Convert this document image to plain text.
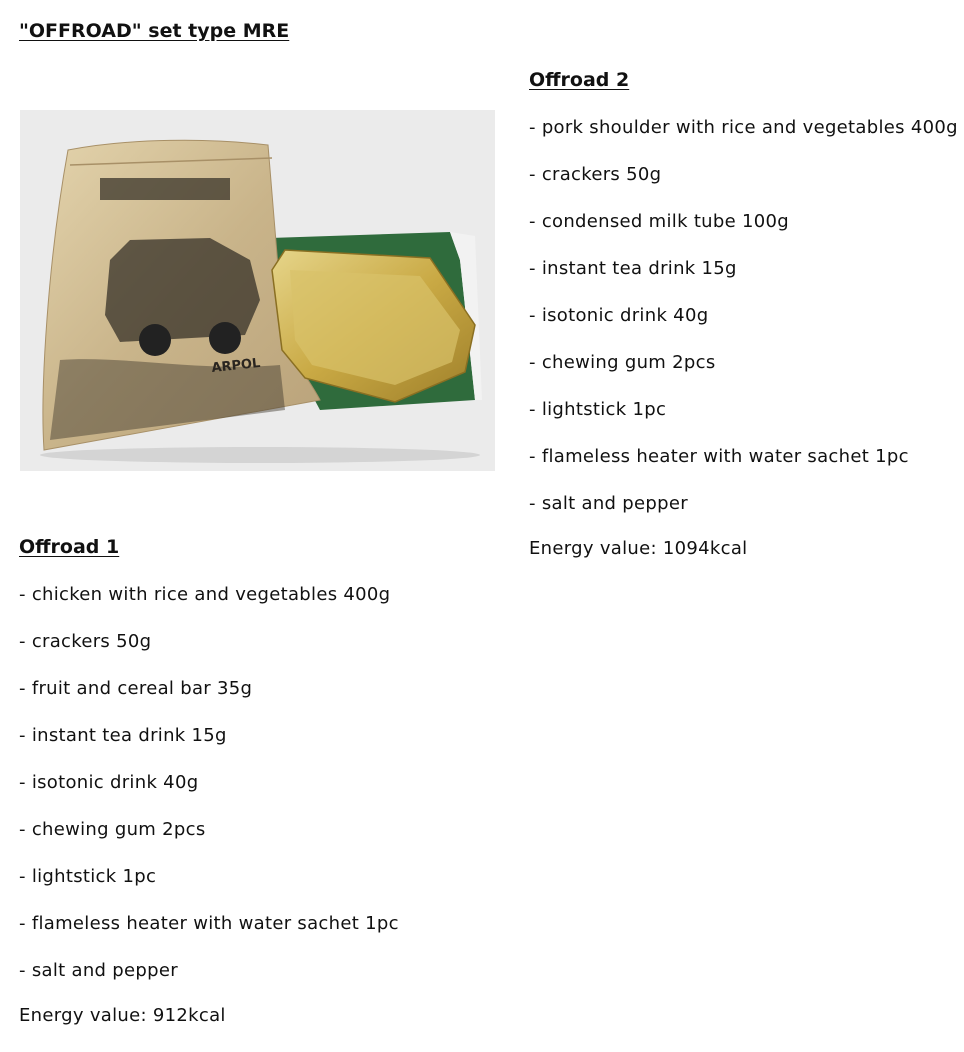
"OFFROAD" set type MRE
ARPOL
Offroad 1
- chicken with rice and vegetables 400g
- crackers 50g
- fruit and cereal bar 35g
- instant tea drink 15g
- isotonic drink 40g
- chewing gum 2pcs
- lightstick 1pc
- flameless heater with water sachet 1pc
- salt and pepper

Energy value: 912kcal

Offroad 2
- pork shoulder with rice and vegetables 400g
- crackers 50g
- condensed milk tube 100g
- instant tea drink 15g
- isotonic drink 40g
- chewing gum 2pcs
- lightstick 1pc
- flameless heater with water sachet 1pc
- salt and pepper

Energy value: 1094kcal
